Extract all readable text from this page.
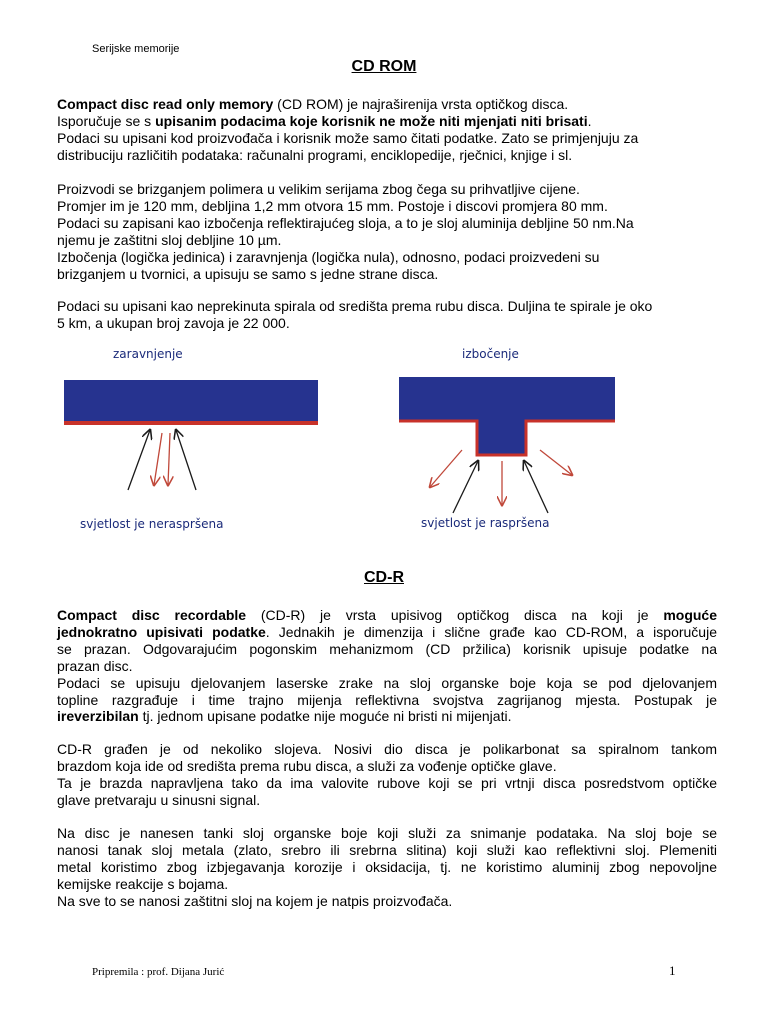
Serijske memorije
CD ROM
Compact disc read only memory (CD ROM) je najraširenija vrsta optičkog disca.
Isporučuje se s upisanim podacima koje korisnik ne može niti mjenjati niti brisati.
Podaci su upisani kod proizvođača i korisnik može samo čitati podatke. Zato se primjenjuju za
distribuciju različitih podataka: računalni programi, enciklopedije, rječnici, knjige i sl.
Proizvodi se brizganjem polimera u velikim serijama zbog čega su prihvatljive cijene.
Promjer im je 120 mm, debljina 1,2 mm otvora 15 mm. Postoje i discovi promjera 80 mm.
Podaci su zapisani kao izbočenja reflektirajućeg sloja, a to je sloj aluminija debljine 50 nm.Na
njemu je zaštitni sloj debljine 10 µm.
Izbočenja (logička jedinica) i zaravnjenja (logička nula), odnosno, podaci proizvedeni su
brizganjem u tvornici, a upisuju se samo s jedne strane disca.
Podaci su upisani kao neprekinuta spirala od središta prema rubu disca. Duljina te spirale je oko
5 km, a ukupan broj zavoja je 22 000.
zaravnjenje
svjetlost je neraspršena
izbočenje
svjetlost je raspršena
CD-R
Compact disc recordable (CD-R) je vrsta upisivog optičkog disca na koji je moguće
jednokratno upisivati podatke. Jednakih je dimenzija i slične građe kao CD-ROM, a isporučuje
se prazan. Odgovarajućim pogonskim mehanizmom (CD pržilica) korisnik upisuje podatke na
prazan disc.
Podaci se upisuju djelovanjem laserske zrake na sloj organske boje koja se pod djelovanjem
topline razgrađuje i time trajno mijenja reflektivna svojstva zagrijanog mjesta. Postupak je
ireverzibilan tj. jednom upisane podatke nije moguće ni bristi ni mijenjati.
CD-R građen je od nekoliko slojeva. Nosivi dio disca je polikarbonat sa spiralnom tankom
brazdom koja ide od središta prema rubu disca, a služi za vođenje optičke glave.
Ta je brazda napravljena tako da ima valovite rubove koji se pri vrtnji disca posredstvom optičke
glave pretvaraju u sinusni signal.
Na disc je nanesen tanki sloj organske boje koji služi za snimanje podataka. Na sloj boje se
nanosi tanak sloj metala (zlato, srebro ili srebrna slitina) koji služi kao reflektivni sloj. Plemeniti
metal koristimo zbog izbjegavanja korozije i oksidacija, tj. ne koristimo aluminij zbog nepovoljne
kemijske reakcije s bojama.
Na sve to se nanosi zaštitni sloj na kojem je natpis proizvođača.
Pripremila : prof. Dijana Jurić	1
